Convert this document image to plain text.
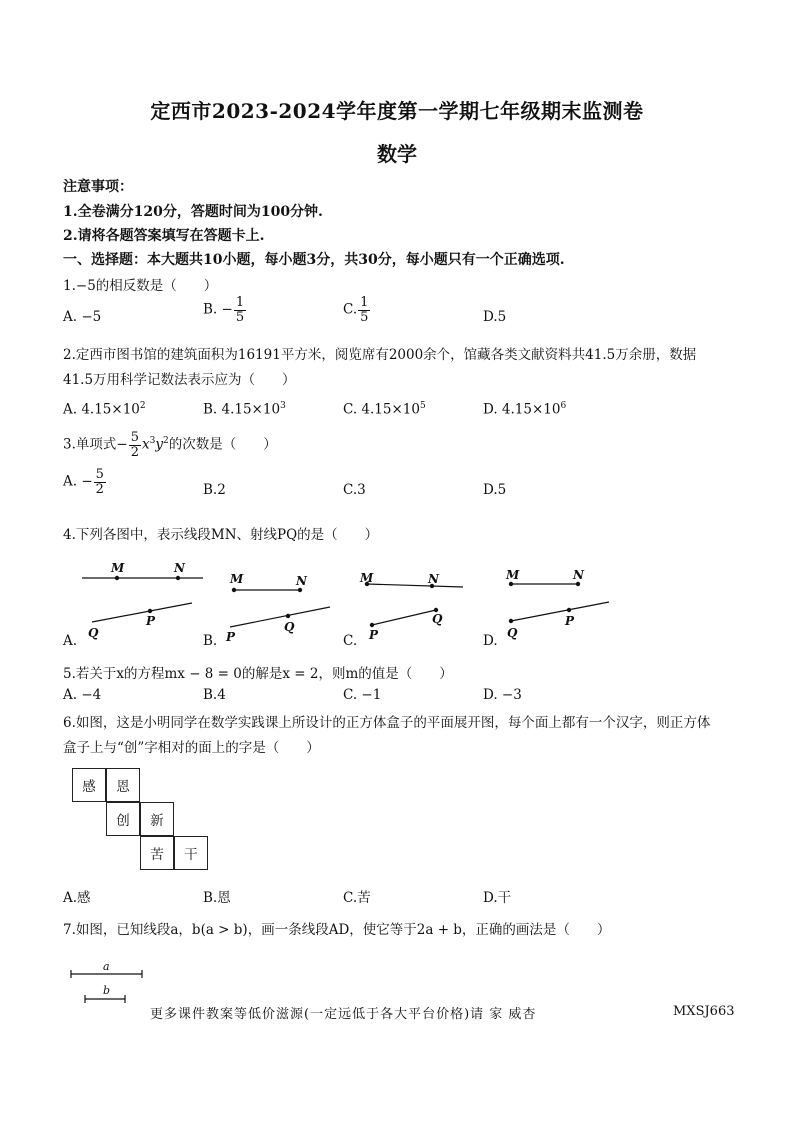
定西市2023-2024学年度第一学期七年级期末监测卷
数学
注意事项：
1.全卷满分120分，答题时间为100分钟.
2.请将各题答案填写在答题卡上.
一、选择题：本大题共10小题，每小题3分，共30分，每小题只有一个正确选项.
1.−5的相反数是（　　）
A. −5	B. − $\frac{1}{5}$	C. $\frac{1}{5}$	D.5
2.定西市图书馆的建筑面积为16191平方米，阅览席有2000余个，馆藏各类文献资料共41.5万余册，数据
41.5万用科学记数法表示应为（　　）
A. $4.15\times 10^2$	B. $4.15\times 10^3$	C. $4.15\times 10^5$	D. $4.15\times 10^6$
3.单项式− $\frac{5}{2} x^3y^2$的次数是（　　）
A. − $\frac{5}{2}$	B.2	C.3	D.5
4.下列各图中，表示线段MN、射线PQ的是（　　）
M	N
P
Q
M	N
P
Q
M	N
P
Q
M	N
P
Q
A.	B.	C.	D.
5.若关于x的方程mx − 8 = 0的解是x = 2，则m的值是（　　）
A. −4	B.4	C. −1	D. −3
6.如图，这是小明同学在数学实践课上所设计的正方体盒子的平面展开图，每个面上都有一个汉字，则正方体
盒子上与“创”字相对的面上的字是（　　）
感	恩
创	新
苦	干
A.感	B.恩	C.苦	D.干
7.如图，已知线段a，b(a > b)，画一条线段AD，使它等于2a + b，正确的画法是（　　）
a
b
更多课件教案等低价滋源(一定远低于各大平台价格)请 家 威杏	MXSJ663
